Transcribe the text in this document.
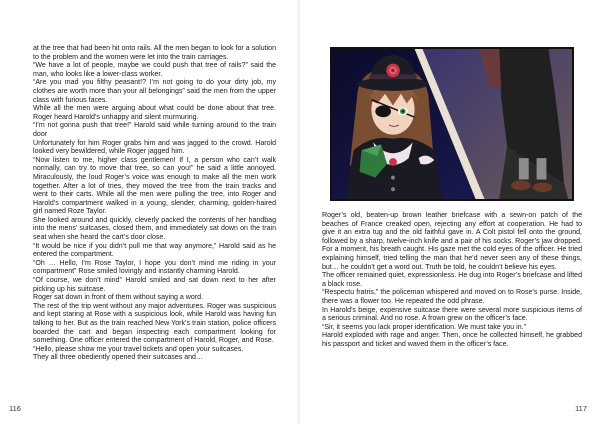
at the tree that had been hit onto rails. All the men began to look for a solution to the problem and the women were let into the train carriages.

“We have a lot of people, maybe we could push that tree of rails?” said the man, who looks like a lower-class worker.

“Are you mad you filthy peasant!? I’m not going to do your dirty job, my clothes are worth more than your all belongings” said the men from the upper class with furious faces.

While all the men were arguing about what could be done about that tree. Roger heard Harold’s unhappy and silent murmuring.

“I’m not gonna push that tree!” Harold said while turning around to the train door

Unfortunately for him Roger grabs him and was jagged to the crowd. Harold looked very bewildered, while Roger jagged him.

“Now listen to me, higher class gentlemen! If I, a person who can’t walk normally, can try to move that tree, so can you!” he said a little annoyed. Miraculously, the loud Roger’s voice was enough to make all the men work together. After a lot of tries, they moved the tree from the train tracks and went to their carts. While all the men were pulling the tree, into Roger and Harold’s compartment walked in a young, slender, charming, golden-haired girl named Roze Taylor.

She looked around and quickly, cleverly packed the contents of her handbag into the mens’ suitcases, closed them, and immediately sat down on the train seat when she heard the cart’s door close.

“It would be nice if you didn’t pull me that way anymore,” Harold said as he entered the compartment.

“Oh … Hello, I’m Rose Taylor, I hope you don’t mind me riding in your compartment” Rose smiled lovingly and instantly charming Harold.

“Of course, we don’t mind” Harold smiled and sat down next to her after picking up his suitcase.

Roger sat down in front of them without saying a word.

The rest of the trip went without any major adventures. Roger was suspicious and kept staring at Rose with a suspicious look, while Harold was having fun talking to her. But as the train reached New York’s train station, police officers boarded the cart and began inspecting each compartment looking for something. One officer entered the compartment of Harold, Roger, and Rose.

“Hello, please show me your travel tickets and open your suitcases.

They all three obediently opened their suitcases and…

116

Roger’s old, beaten-up brown leather briefcase with a sewn-on patch of the beaches of France creaked open, rejecting any effort at cooperation. He had to give it an extra tug and the old faithful gave in. A Colt pistol fell onto the ground, followed by a sharp, twelve-inch knife and a pair of his socks. Roger’s jaw dropped. For a moment, his breath caught. His gaze met the cold eyes of the officer. He tried explaining himself, tried telling the man that he’d never seen any of these things, but… he couldn’t get a word out. Truth be told, he couldn’t believe his eyes.

The officer remained quiet, expressionless. He dug into Roger’s briefcase and lifted a black rose.

“Respectu fratris,” the policeman whispered and moved on to Rose’s purse. Inside, there was a flower too. He repeated the odd phrase.

In Harold’s beige, expensive suitcase there were several more suspicious items of a serious criminal. And no rose. A frown grew on the officer’s face.

“Sir, it seems you lack proper identification. We must take you in.”

Harold exploded with rage and anger. Then, once he collected himself, he grabbed his passport and ticket and waved them in the officer’s face.

117
